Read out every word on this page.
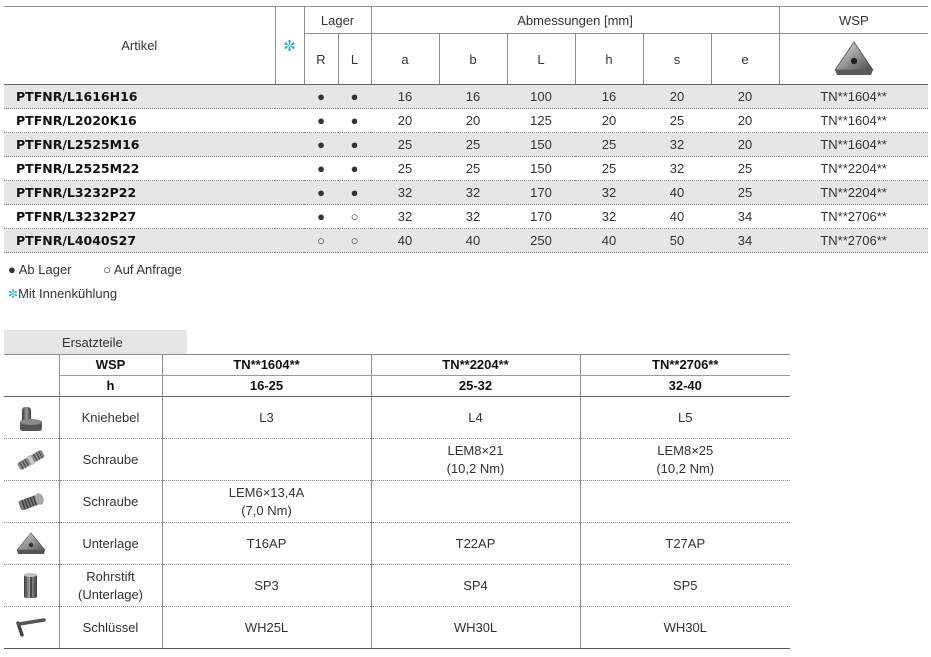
Artikel	✼	Lager		Abmessungen [mm]						WSP
		R	L	a	b	L	h	s	e	

PTFNR/L1616H16		●	●	16	16	100	16	20	20	TN**1604**
PTFNR/L2020K16		●	●	20	20	125	20	25	20	TN**1604**
PTFNR/L2525M16		●	●	25	25	150	25	32	20	TN**1604**
PTFNR/L2525M22		●	●	25	25	150	25	32	25	TN**2204**
PTFNR/L3232P22		●	●	32	32	170	32	40	25	TN**2204**
PTFNR/L3232P27		●	○	32	32	170	32	40	34	TN**2706**
PTFNR/L4040S27		○	○	40	40	250	40	50	34	TN**2706**
● Ab Lager ○ Auf Anfrage
✼Mit Innenkühlung
Ersatzteile
	WSP	TN**1604**	TN**2204**	TN**2706**
	h	16-25	25-32	32-40

	Kniehebel	L3	L4	L5

	Schraube		LEM8×21
(10,2 Nm)	LEM8×25
(10,2 Nm)

	Schraube	LEM6×13,4A
(7,0 Nm)		

	Unterlage	T16AP	T22AP	T27AP

	Rohrstift
(Unterlage)	SP3	SP4	SP5

	Schlüssel	WH25L	WH30L	WH30L
